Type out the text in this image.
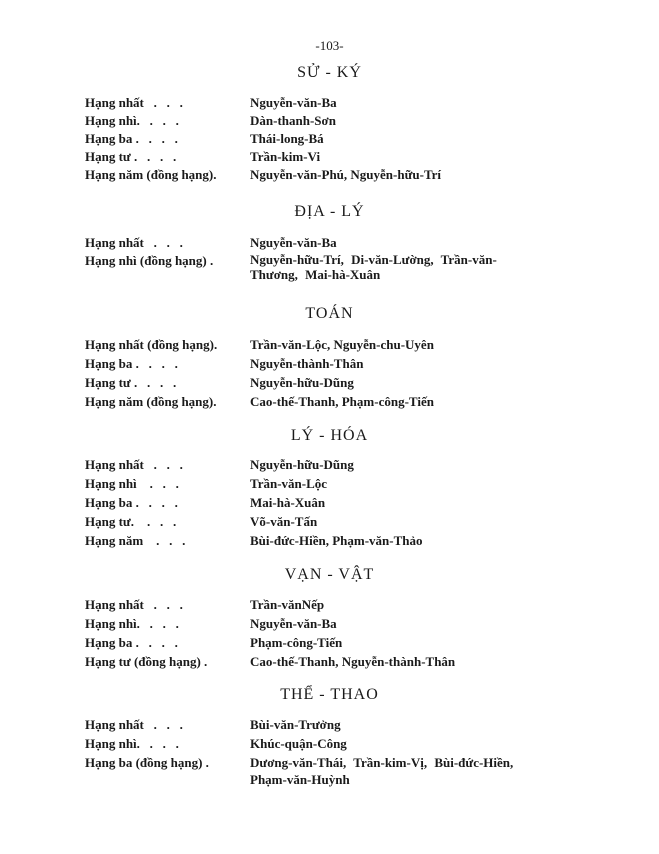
-103-
SỬ - KÝ
Hạng nhất   .   .   .	Nguyễn-văn-Ba
Hạng nhì.   .   .   .	Dàn-thanh-Sơn
Hạng ba .   .   .   .	Thái-long-Bá
Hạng tư .   .   .   .	Trần-kim-Vi
Hạng năm (đồng hạng).	Nguyễn-văn-Phú, Nguyễn-hữu-Trí
ĐỊA - LÝ
Hạng nhất   .   .   .	Nguyễn-văn-Ba
Hạng nhì (đồng hạng) .	Nguyễn-hữu-Trí, Di-văn-Lường, Trần-văn-Thương, Mai-hà-Xuân
TOÁN
Hạng nhất (đồng hạng).	Trần-văn-Lộc, Nguyễn-chu-Uyên
Hạng ba .   .   .   .	Nguyễn-thành-Thân
Hạng tư .   .   .   .	Nguyễn-hữu-Dũng
Hạng năm (đồng hạng).	Cao-thế-Thanh, Phạm-công-Tiến
LÝ - HÓA
Hạng nhất   .   .   .	Nguyễn-hữu-Dũng
Hạng nhì    .   .   .	Trần-văn-Lộc
Hạng ba .   .   .   .	Mai-hà-Xuân
Hạng tư.    .   .   .	Võ-văn-Tấn
Hạng năm    .   .   .	Bùi-đức-Hiền, Phạm-văn-Thảo
VẠN - VẬT
Hạng nhất   .   .   .	Trần-vănNếp
Hạng nhì.   .   .   .	Nguyễn-văn-Ba
Hạng ba .   .   .   .	Phạm-công-Tiến
Hạng tư (đồng hạng) .	Cao-thế-Thanh, Nguyễn-thành-Thân
THỂ - THAO
Hạng nhất   .   .   .	Bùi-văn-Trưởng
Hạng nhì.   .   .   .	Khúc-quận-Công
Hạng ba (đồng hạng) .	Dương-văn-Thái, Trần-kim-Vị, Bùi-đức-Hiền, Phạm-văn-Huỳnh
